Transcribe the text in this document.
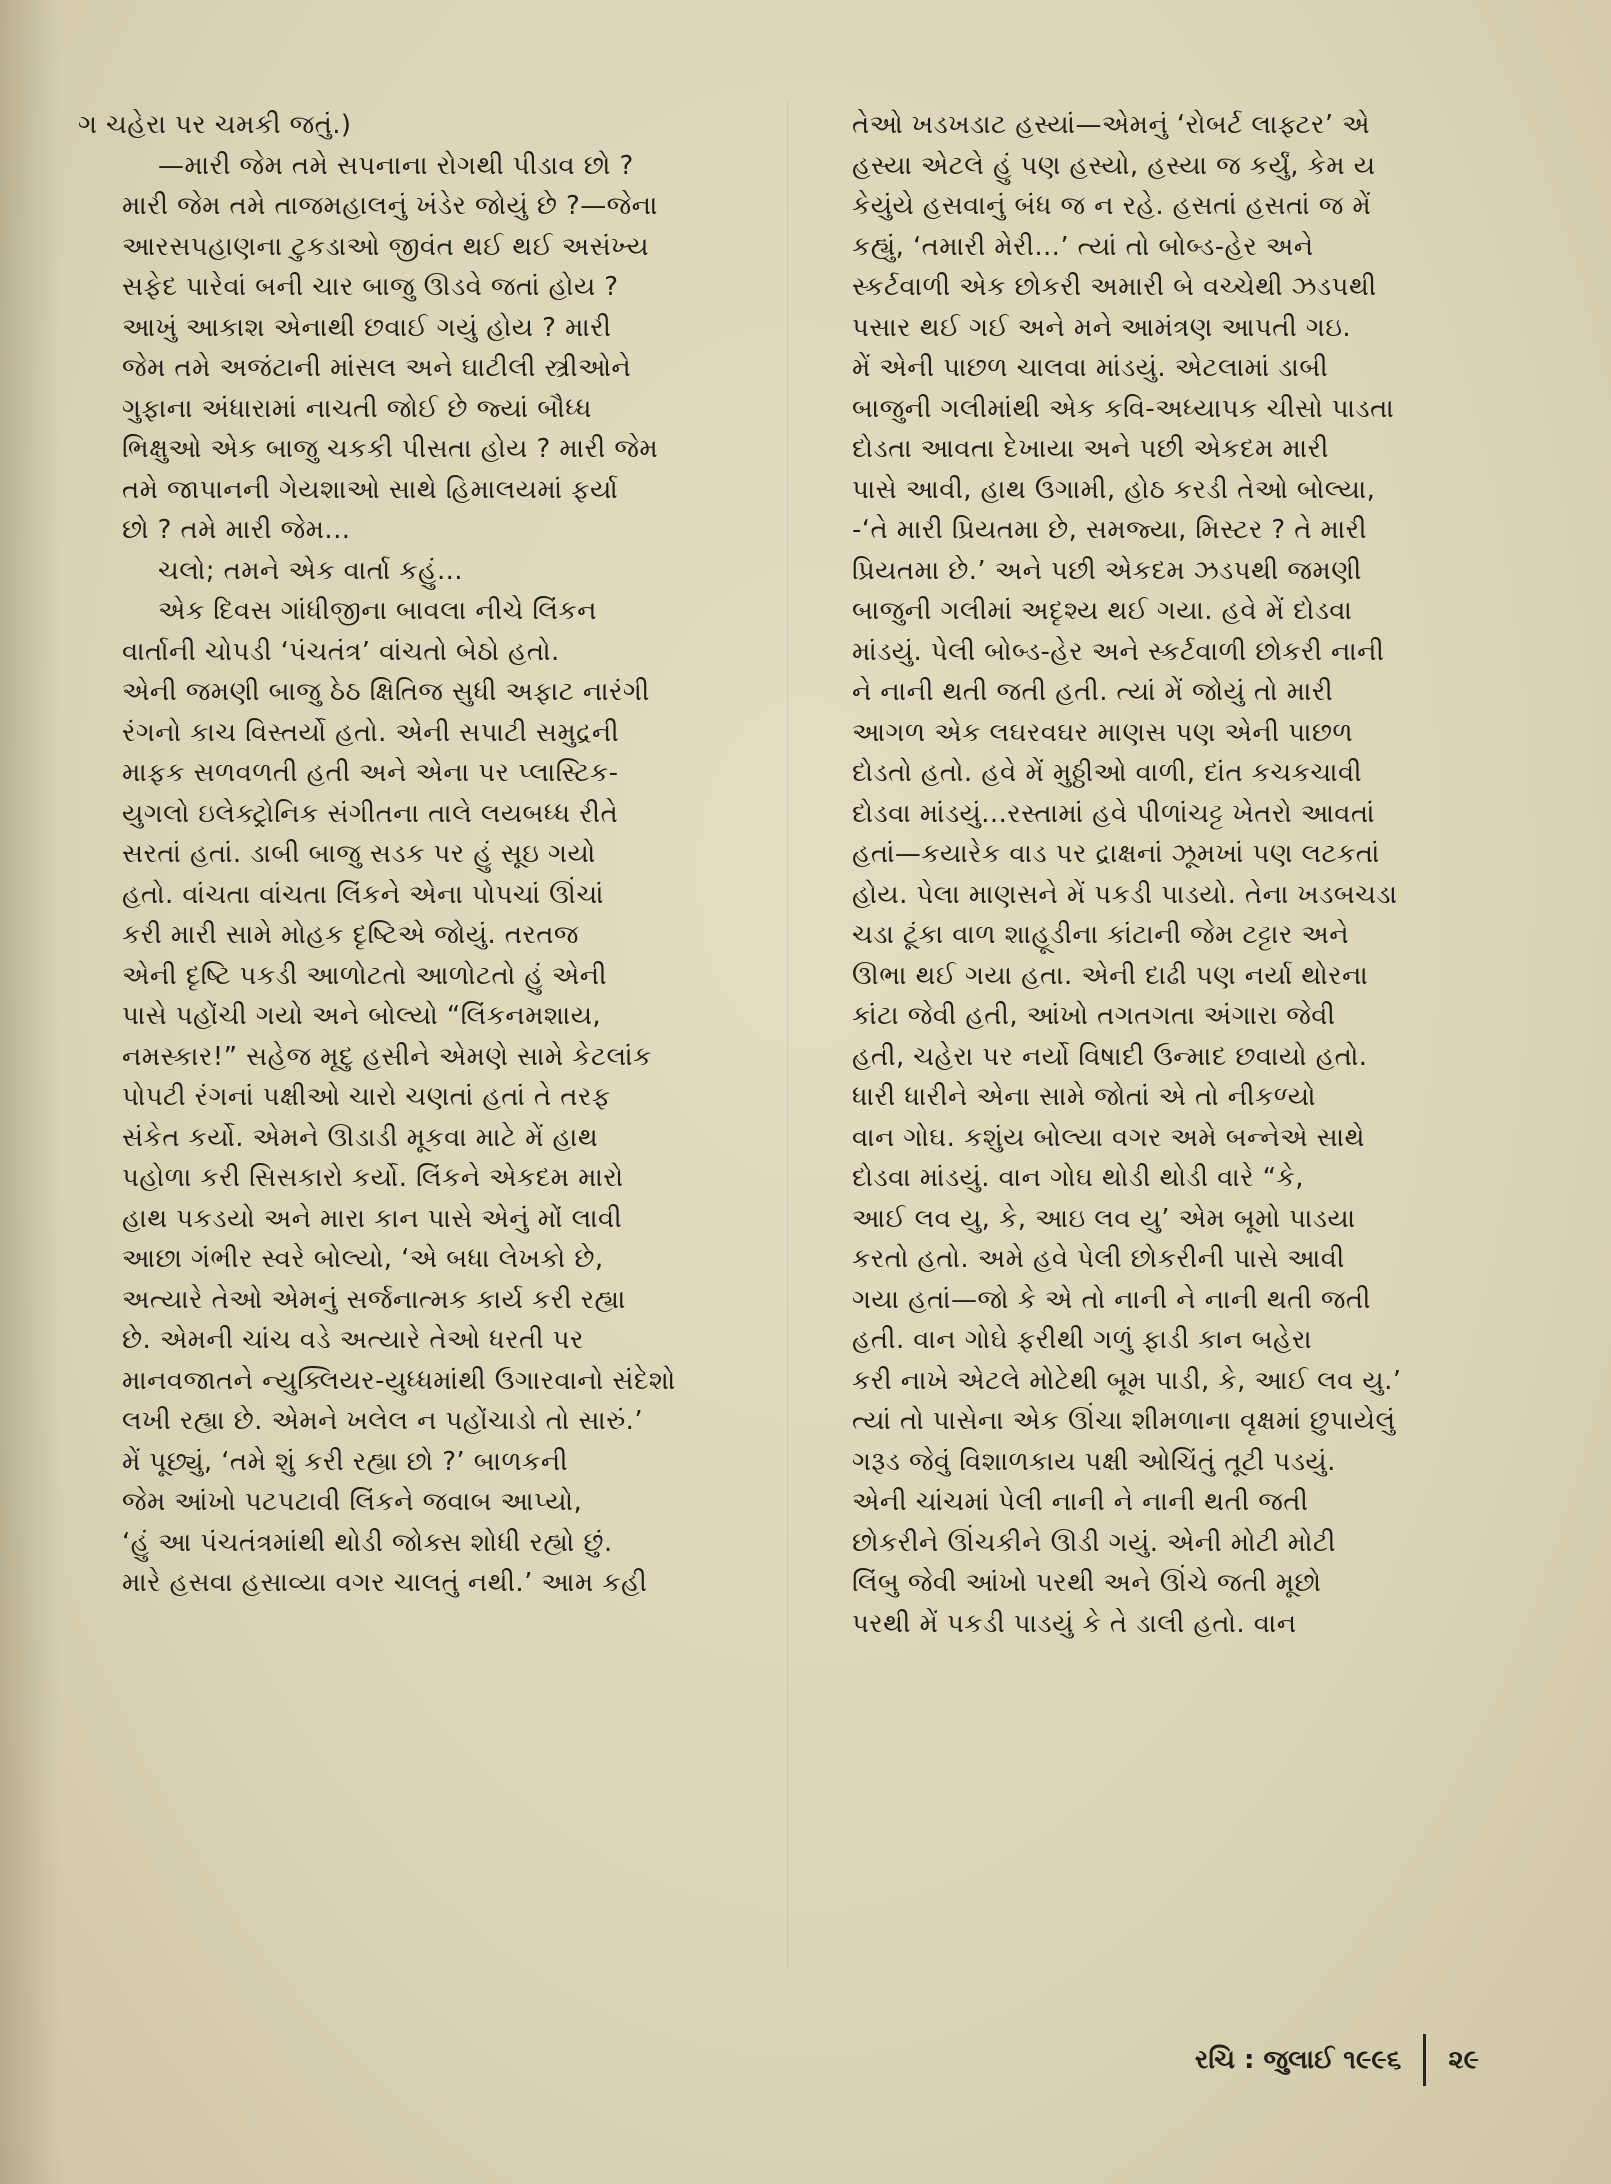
ગ ચહેરા પર ચમકી જતું.)
—મારી જેમ તમે સપનાના રોગથી પીડાવ છો ?
મારી જેમ તમે તાજમહાલનું ખંડેર જોયું છે ?—જેના
આરસપહાણના ટુકડાઓ જીવંત થઈ થઈ અસંખ્ય
સફેદ પારેવાં બની ચાર બાજુ ઊડવે જતાં હોય ?
આખું આકાશ એનાથી છવાઈ ગયું હોય ? મારી
જેમ તમે અજંટાની માંસલ અને ઘાટીલી સ્ત્રીઓને
ગુફાના અંધારામાં નાચતી જોઈ છે જ્યાં બૌધ્ધ
ભિક્ષુઓ એક બાજુ ચકકી પીસતા હોય ? મારી જેમ
તમે જાપાનની ગેયશાઓ સાથે હિમાલયમાં ફર્યા
છો ? તમે મારી જેમ...
ચલો; તમને એક વાર્તા કહું...
એક દિવસ ગાંધીજીના બાવલા નીચે લિંકન
વાર્તાની ચોપડી ‘પંચતંત્ર’ વાંચતો બેઠો હતો.
એની જમણી બાજુ ઠેઠ ક્ષિતિજ સુધી અફાટ નારંગી
રંગનો કાચ વિસ્તર્યો હતો. એની સપાટી સમુદ્રની
માફક સળવળતી હતી અને એના પર પ્લાસ્ટિક-
યુગલો ઇલેક્ટ્રોનિક સંગીતના તાલે લયબધ્ધ રીતે
સરતાં હતાં. ડાબી બાજુ સડક પર હું સૂઇ ગયો
હતો. વાંચતા વાંચતા લિંકને એના પોપચાં ઊંચાં
કરી મારી સામે મોહક દૃષ્ટિએ જોયું. તરતજ
એની દૃષ્ટિ પકડી આળોટતો આળોટતો હું એની
પાસે પહોંચી ગયો અને બોલ્યો “લિંકનમશાય,
નમસ્કાર!” સહેજ મૃદુ હસીને એમણે સામે કેટલાંક
પોપટી રંગનાં પક્ષીઓ ચારો ચણતાં હતાં તે તરફ
સંકેત કર્યો. એમને ઊડાડી મૂકવા માટે મેં હાથ
પહોળા કરી સિસકારો કર્યો. લિંકને એકદમ મારો
હાથ પકડયો અને મારા કાન પાસે એનું મોં લાવી
આછા ગંભીર સ્વરે બોલ્યો, ‘એ બધા લેખકો છે,
અત્યારે તેઓ એમનું સર્જનાત્મક કાર્ય કરી રહ્યા
છે. એમની ચાંચ વડે અત્યારે તેઓ ધરતી પર
માનવજાતને ન્યુક્લિયર-યુધ્ધમાંથી ઉગારવાનો સંદેશો
લખી રહ્યા છે. એમને ખલેલ ન પહોંચાડો તો સારું.’
મેં પૂછ્યું, ‘તમે શું કરી રહ્યા છો ?’ બાળકની
જેમ આંખો પટપટાવી લિંકને જવાબ આપ્યો,
‘હું આ પંચતંત્રમાંથી થોડી જોક્સ શોધી રહ્યો છું.
મારે હસવા હસાવ્યા વગર ચાલતું નથી.’ આમ કહી
તેઓ ખડખડાટ હસ્યાં—એમનું ‘રોબર્ટ લાફ્ટર’ એ
હસ્યા એટલે હું પણ હસ્યો, હસ્યા જ કર્યું, કેમ ય
કેયુંયે હસવાનું બંધ જ ન રહે. હસતાં હસતાં જ મેં
કહ્યું, ‘તમારી મેરી...’ ત્યાં તો બોબ્ડ-હેર અને
સ્કર્ટવાળી એક છોકરી અમારી બે વચ્ચેથી ઝડપથી
પસાર થઈ ગઈ અને મને આમંત્રણ આપતી ગઇ.
મેં એની પાછળ ચાલવા માંડયું. એટલામાં ડાબી
બાજુની ગલીમાંથી એક કવિ-અધ્યાપક ચીસો પાડતા
દોડતા આવતા દેખાયા અને પછી એકદમ મારી
પાસે આવી, હાથ ઉગામી, હોઠ કરડી તેઓ બોલ્યા,
-‘તે મારી પ્રિયતમા છે, સમજ્યા, મિસ્ટર ? તે મારી
પ્રિયતમા છે.’ અને પછી એકદમ ઝડપથી જમણી
બાજુની ગલીમાં અદૃશ્ય થઈ ગયા. હવે મેં દોડવા
માંડયું. પેલી બોબ્ડ-હેર અને સ્કર્ટવાળી છોકરી નાની
ને નાની થતી જતી હતી. ત્યાં મેં જોયું તો મારી
આગળ એક લઘરવઘર માણસ પણ એની પાછળ
દોડતો હતો. હવે મેં મુઠ્ઠીઓ વાળી, દાંત કચકચાવી
દોડવા માંડયું...રસ્તામાં હવે પીળાંચટ્ટ ખેતરો આવતાં
હતાં—કયારેક વાડ પર દ્રાક્ષનાં ઝૂમખાં પણ લટકતાં
હોય. પેલા માણસને મેં પકડી પાડયો. તેના ખડબચડા
ચડા ટૂંકા વાળ શાહૂડીના કાંટાની જેમ ટટ્ટાર અને
ઊભા થઈ ગયા હતા. એની દાઢી પણ નર્યા થોરના
કાંટા જેવી હતી, આંખો તગતગતા અંગારા જેવી
હતી, ચહેરા પર નર્યો વિષાદી ઉન્માદ છવાયો હતો.
ધારી ધારીને એના સામે જોતાં એ તો નીકળ્યો
વાન ગોઘ. કશુંય બોલ્યા વગર અમે બન્નેએ સાથે
દોડવા માંડયું. વાન ગોઘ થોડી થોડી વારે “કે,
આઈ લવ યુ, કે, આઇ લવ યુ’ એમ બૂમો પાડયા
કરતો હતો. અમે હવે પેલી છોકરીની પાસે આવી
ગયા હતાં—જો કે એ તો નાની ને નાની થતી જતી
હતી. વાન ગોઘે ફરીથી ગળું ફાડી કાન બહેરા
કરી નાખે એટલે મોટેથી બૂમ પાડી, કે, આઈ લવ યુ.’
ત્યાં તો પાસેના એક ઊંચા શીમળાના વૃક્ષમાં છુપાયેલું
ગરૂડ જેવું વિશાળકાય પક્ષી ઓચિંતું તૂટી પડયું.
એની ચાંચમાં પેલી નાની ને નાની થતી જતી
છોકરીને ઊંચકીને ઊડી ગયું. એની મોટી મોટી
લિંબુ જેવી આંખો પરથી અને ઊંચે જતી મૂછો
પરથી મેં પકડી પાડયું કે તે ડાલી હતો. વાન
રચિ : જુલાઈ ૧૯૯૬ ૨૯
